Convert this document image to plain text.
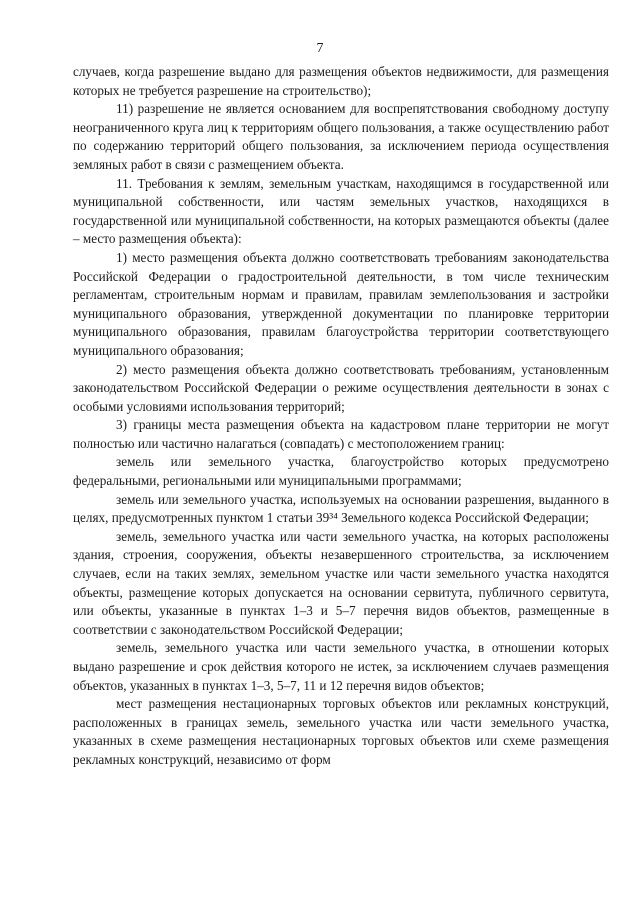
7

случаев, когда разрешение выдано для размещения объектов недвижимости, для размещения которых не требуется разрешение на строительство);

11) разрешение не является основанием для воспрепятствования свободному доступу неограниченного круга лиц к территориям общего пользования, а также осуществлению работ по содержанию территорий общего пользования, за исключением периода осуществления земляных работ в связи с размещением объекта.

11. Требования к землям, земельным участкам, находящимся в государственной или муниципальной собственности, или частям земельных участков, находящихся в государственной или муниципальной собственности, на которых размещаются объекты (далее – место размещения объекта):

1) место размещения объекта должно соответствовать требованиям законодательства Российской Федерации о градостроительной деятельности, в том числе техническим регламентам, строительным нормам и правилам, правилам землепользования и застройки муниципального образования, утвержденной документации по планировке территории муниципального образования, правилам благоустройства территории соответствующего муниципального образования;

2) место размещения объекта должно соответствовать требованиям, установленным законодательством Российской Федерации о режиме осуществления деятельности в зонах с особыми условиями использования территорий;

3) границы места размещения объекта на кадастровом плане территории не могут полностью или частично налагаться (совпадать) с местоположением границ:

земель или земельного участка, благоустройство которых предусмотрено федеральными, региональными или муниципальными программами;

земель или земельного участка, используемых на основании разрешения, выданного в целях, предусмотренных пунктом 1 статьи 39³⁴ Земельного кодекса Российской Федерации;

земель, земельного участка или части земельного участка, на которых расположены здания, строения, сооружения, объекты незавершенного строительства, за исключением случаев, если на таких землях, земельном участке или части земельного участка находятся объекты, размещение которых допускается на основании сервитута, публичного сервитута, или объекты, указанные в пунктах 1–3 и 5–7 перечня видов объектов, размещенные в соответствии с законодательством Российской Федерации;

земель, земельного участка или части земельного участка, в отношении которых выдано разрешение и срок действия которого не истек, за исключением случаев размещения объектов, указанных в пунктах 1–3, 5–7, 11 и 12 перечня видов объектов;

мест размещения нестационарных торговых объектов или рекламных конструкций, расположенных в границах земель, земельного участка или части земельного участка, указанных в схеме размещения нестационарных торговых объектов или схеме размещения рекламных конструкций, независимо от форм
